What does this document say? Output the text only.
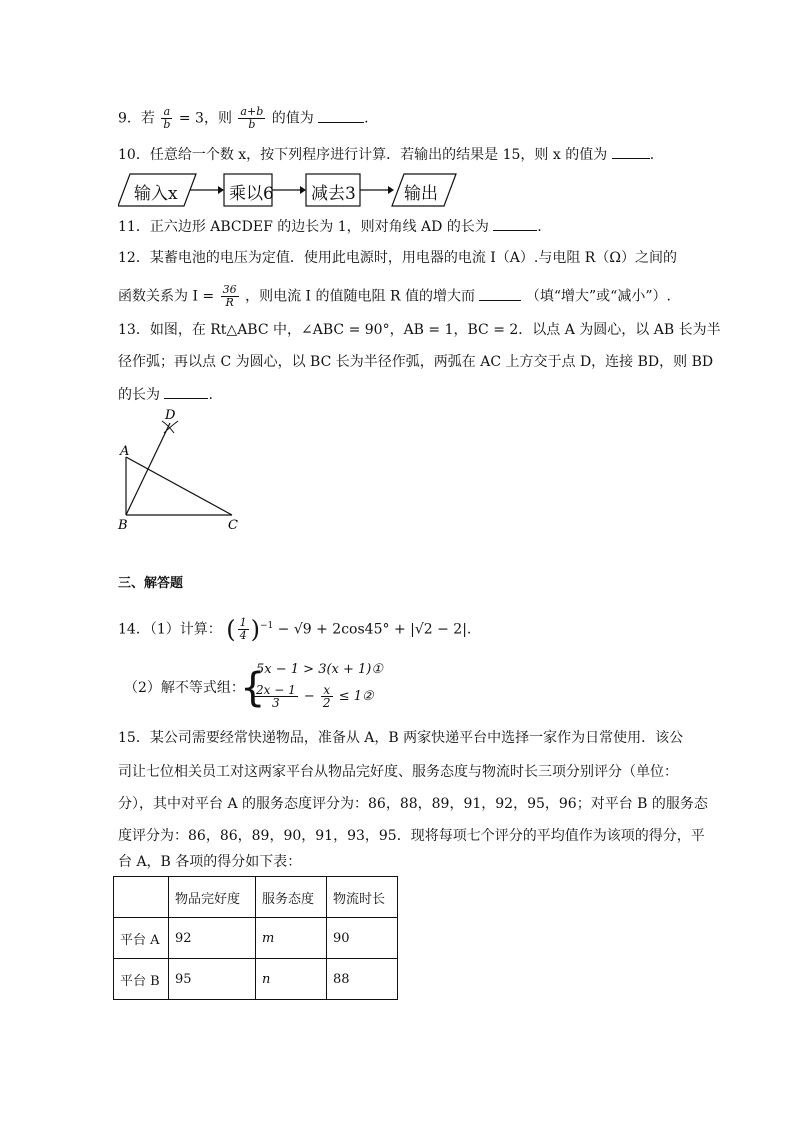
9．若 $\frac{a}{b} = 3$，则 $\frac{a+b}{b}$ 的值为	.
10．任意给一个数 x，按下列程序进行计算．若输出的结果是 15，则 x 的值为	.
输入x	乘以6 减去3	输出
11．正六边形 ABCDEF 的边长为 1，则对角线 AD 的长为	.
12．某蓄电池的电压为定值．使用此电源时，用电器的电流 I（A）.与电阻 R（Ω）之间的
函数关系为 $I = \frac{36}{R}$ ，则电流 I 的值随电阻 R 值的增大而	（填“增大”或“减小”）.
13．如图，在 Rt△ABC 中，∠ABC = 90°，AB = 1，BC = 2．以点 A 为圆心，以 AB 长为半
径作弧；再以点 C 为圆心，以 BC 长为半径作弧，两弧在 AC 上方交于点 D，连接 BD，则 BD
的长为	.
D
A
B	C
三、解答题
14．（1）计算： ( $\frac{1}{4} )^{-1} - √9 + 2\cos 45^\circ + |√2 - 2|$.
（2）解不等式组：
{
5x − 1 > 3(x + 1)①
$\frac{2x - 1}{3} - \frac{x}{2}$ ≤ 1②
15．某公司需要经常快递物品，准备从 A，B 两家快递平台中选择一家作为日常使用．该公
司让七位相关员工对这两家平台从物品完好度、服务态度与物流时长三项分别评分（单位：
分），其中对平台 A 的服务态度评分为：86，88，89，91，92，95，96；对平台 B 的服务态
度评分为：86，86，89，90，91，93，95．现将每项七个评分的平均值作为该项的得分，平
台 A，B 各项的得分如下表：
	物品完好度	服务态度	物流时长
平台 A	92	m	90
平台 B	95	n	88
